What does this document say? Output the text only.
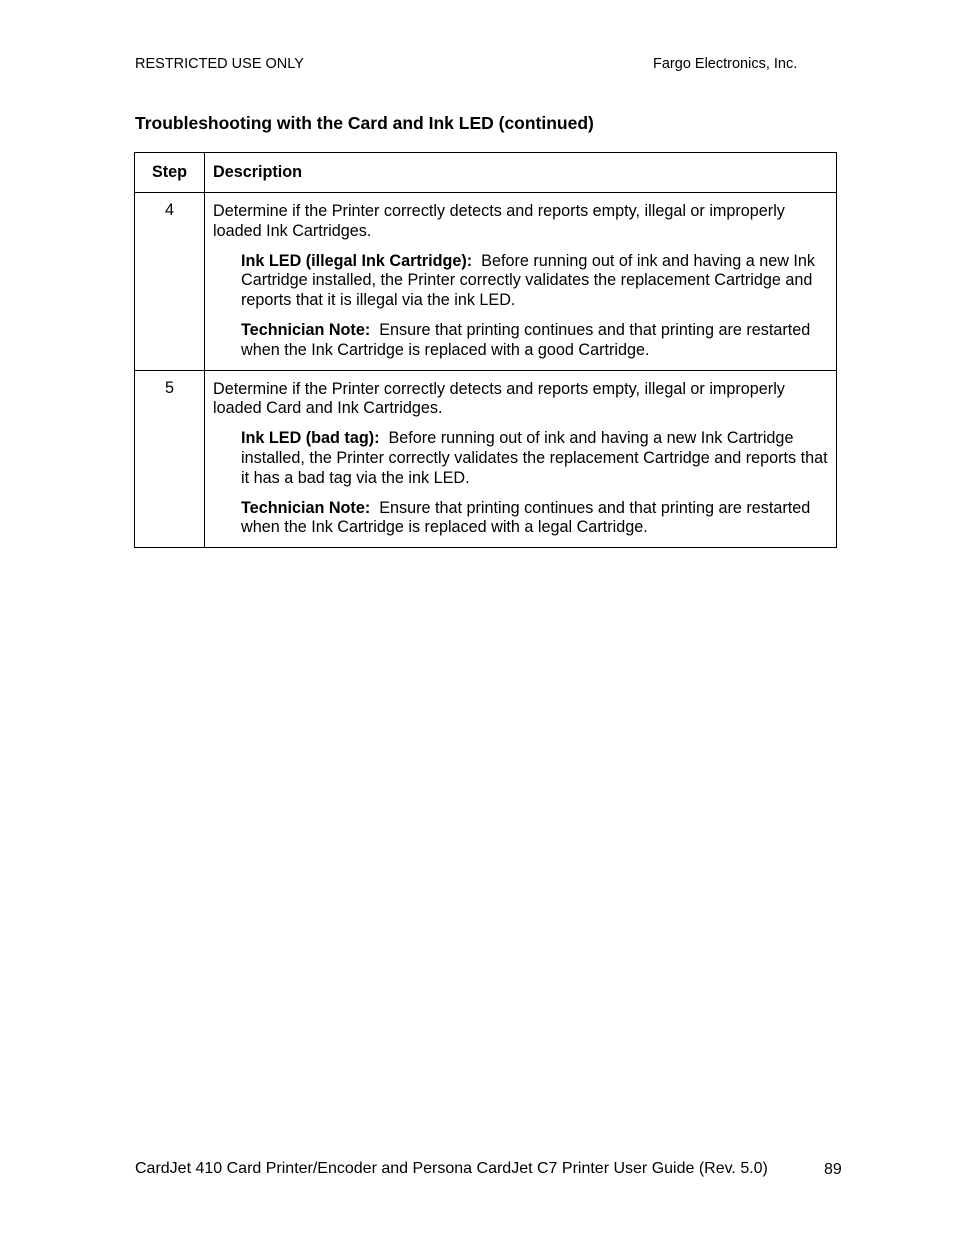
RESTRICTED USE ONLY	Fargo Electronics, Inc.
Troubleshooting with the Card and Ink LED (continued)
Step	Description
4	Determine if the Printer correctly detects and reports empty, illegal or improperly loaded Ink Cartridges.

Ink LED (illegal Ink Cartridge): Before running out of ink and having a new Ink Cartridge installed, the Printer correctly validates the replacement Cartridge and reports that it is illegal via the ink LED.

Technician Note: Ensure that printing continues and that printing are restarted when the Ink Cartridge is replaced with a good Cartridge.

5	Determine if the Printer correctly detects and reports empty, illegal or improperly loaded Card and Ink Cartridges.

Ink LED (bad tag): Before running out of ink and having a new Ink Cartridge installed, the Printer correctly validates the replacement Cartridge and reports that it has a bad tag via the ink LED.

Technician Note: Ensure that printing continues and that printing are restarted when the Ink Cartridge is replaced with a legal Cartridge.

CardJet 410 Card Printer/Encoder and Persona CardJet C7 Printer User Guide (Rev. 5.0)	89
